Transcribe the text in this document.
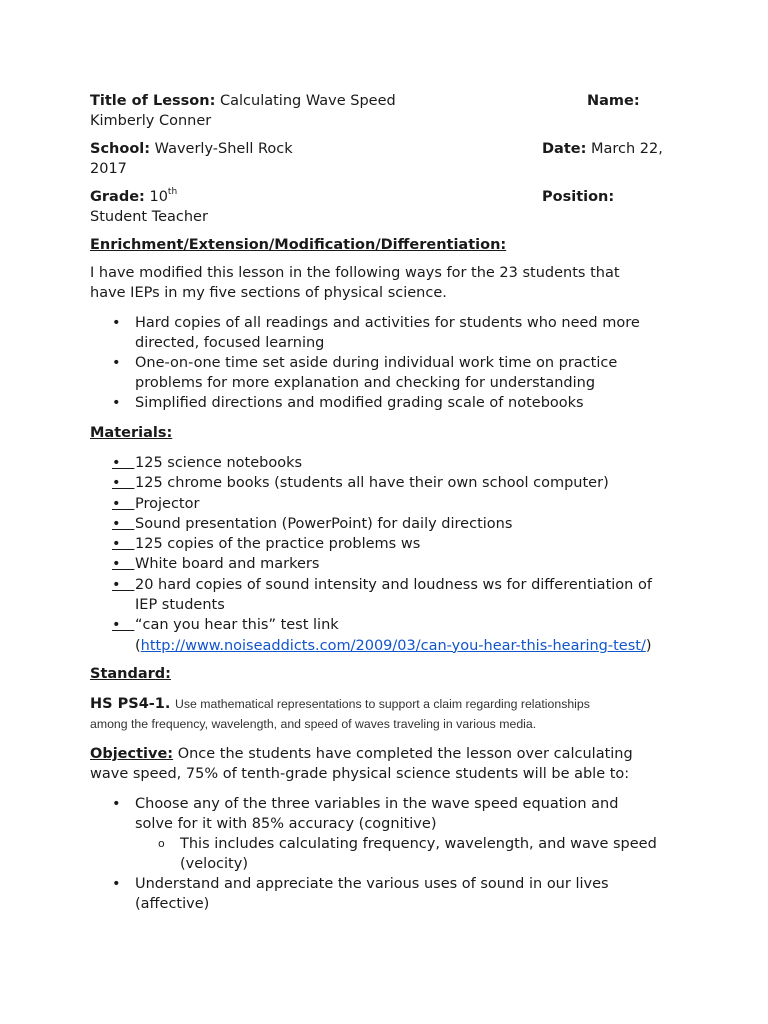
Title of Lesson: Calculating Wave Speed	Name:
Kimberly Conner
School: Waverly-Shell Rock	Date: March 22,
2017
Grade: 10th	Position:
Student Teacher
Enrichment/Extension/Modification/Differentiation:
I have modified this lesson in the following ways for the 23 students that
have IEPs in my five sections of physical science.
• Hard copies of all readings and activities for students who need more
directed, focused learning
• One-on-one time set aside during individual work time on practice
problems for more explanation and checking for understanding
• Simplified directions and modified grading scale of notebooks
Materials:
• 125 science notebooks
• 125 chrome books (students all have their own school computer)
• Projector
• Sound presentation (PowerPoint) for daily directions
• 125 copies of the practice problems ws
• White board and markers
• 20 hard copies of sound intensity and loudness ws for differentiation of
IEP students
• “can you hear this” test link
(http://www.noiseaddicts.com/2009/03/can-you-hear-this-hearing-test/)
Standard:
HS PS4-1. Use mathematical representations to support a claim regarding relationships
among the frequency, wavelength, and speed of waves traveling in various media.
Objective: Once the students have completed the lesson over calculating
wave speed, 75% of tenth-grade physical science students will be able to:
• Choose any of the three variables in the wave speed equation and
solve for it with 85% accuracy (cognitive)
o This includes calculating frequency, wavelength, and wave speed
(velocity)
• Understand and appreciate the various uses of sound in our lives
(affective)
